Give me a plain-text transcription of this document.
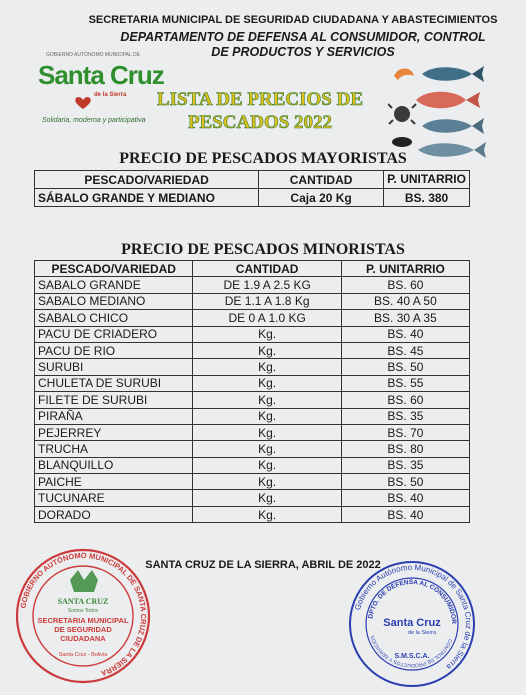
SECRETARIA MUNICIPAL DE SEGURIDAD CIUDADANA Y ABASTECIMIENTOS
DEPARTAMENTO DE DEFENSA AL CONSUMIDOR, CONTROL
DE PRODUCTOS Y SERVICIOS
GOBIERNO AUTÓNOMO MUNICIPAL DE
Santa Cruz
de la Sierra
Solidaria, moderna y participativa
LISTA DE PRECIOS DE
PESCADOS 2022
PRECIO DE PESCADOS MAYORISTAS
PESCADO/VARIEDAD	CANTIDAD	P. UNITARRIO
SÁBALO GRANDE Y MEDIANO	Caja 20 Kg	BS. 380
PRECIO DE PESCADOS MINORISTAS
PESCADO/VARIEDAD	CANTIDAD	P. UNITARRIO
SABALO GRANDE	DE 1.9 A 2.5 KG	BS. 60
SABALO MEDIANO	DE 1.1 A 1.8 Kg	BS. 40 A 50
SABALO CHICO	DE 0 A 1.0 KG	BS. 30 A 35
PACU DE CRIADERO	Kg.	BS. 40
PACU DE RIO	Kg.	BS. 45
SURUBI	Kg.	BS. 50
CHULETA DE SURUBI	Kg.	BS. 55
FILETE DE SURUBI	Kg.	BS. 60
PIRAÑA	Kg.	BS. 35
PEJERREY	Kg.	BS. 70
TRUCHA	Kg.	BS. 80
BLANQUILLO	Kg.	BS. 35
PAICHE	Kg.	BS. 50
TUCUNARE	Kg.	BS. 40
DORADO	Kg.	BS. 40
SANTA CRUZ DE LA SIERRA, ABRIL DE 2022
GOBIERNO AUTÓNOMO MUNICIPAL DE SANTA CRUZ DE LA SIERRA
SANTA CRUZ
Somos Todos
SECRETARIA MUNICIPAL
DE SEGURIDAD
CIUDADANA
Santa Cruz - Bolivia
Gobierno Autónomo Municipal de Santa Cruz de la Sierra
DPTO. DE DEFENSA AL CONSUMIDOR
CONTROL DE PRODUCTOS Y SERVICIOS
Santa Cruz
de la Sierra
S.M.S.C.A.
